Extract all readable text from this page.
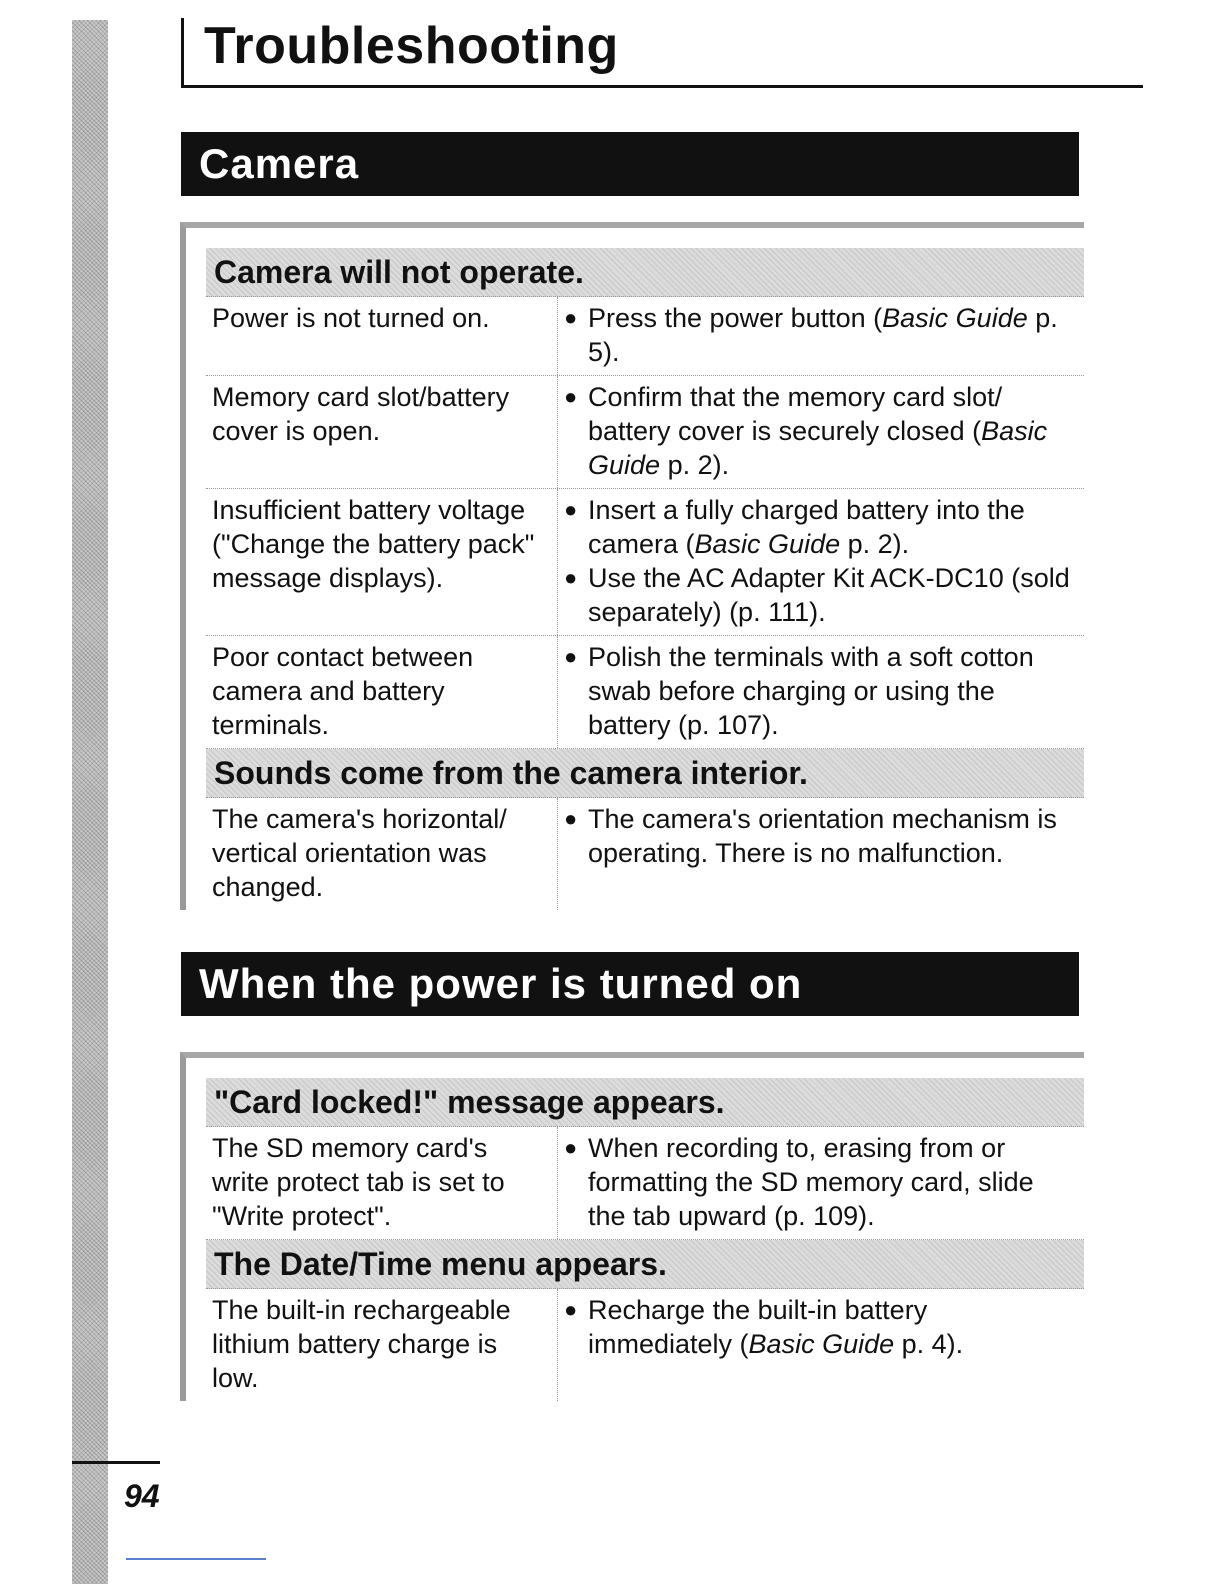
Troubleshooting
Camera
Camera will not operate.
Power is not turned on.
●	Press the power button (Basic Guide p. 5).
Memory card slot/battery cover is open.
● Confirm that the memory card slot/ battery cover is securely closed (Basic Guide p. 2).
Insufficient battery voltage ("Change the battery pack" message displays).
● Insert a fully charged battery into the camera (Basic Guide p. 2).
● Use the AC Adapter Kit ACK-DC10 (sold separately) (p. 111).
Poor contact between camera and battery terminals.
● Polish the terminals with a soft cotton swab before charging or using the battery (p. 107).
Sounds come from the camera interior.
The camera's horizontal/ vertical orientation was changed.
● The camera's orientation mechanism is operating. There is no malfunction.
When the power is turned on
"Card locked!" message appears.
The SD memory card's write protect tab is set to "Write protect".
● When recording to, erasing from or formatting the SD memory card, slide the tab upward (p. 109).
The Date/Time menu appears.
The built-in rechargeable lithium battery charge is low.
● Recharge the built-in battery immediately (Basic Guide p. 4).
94
